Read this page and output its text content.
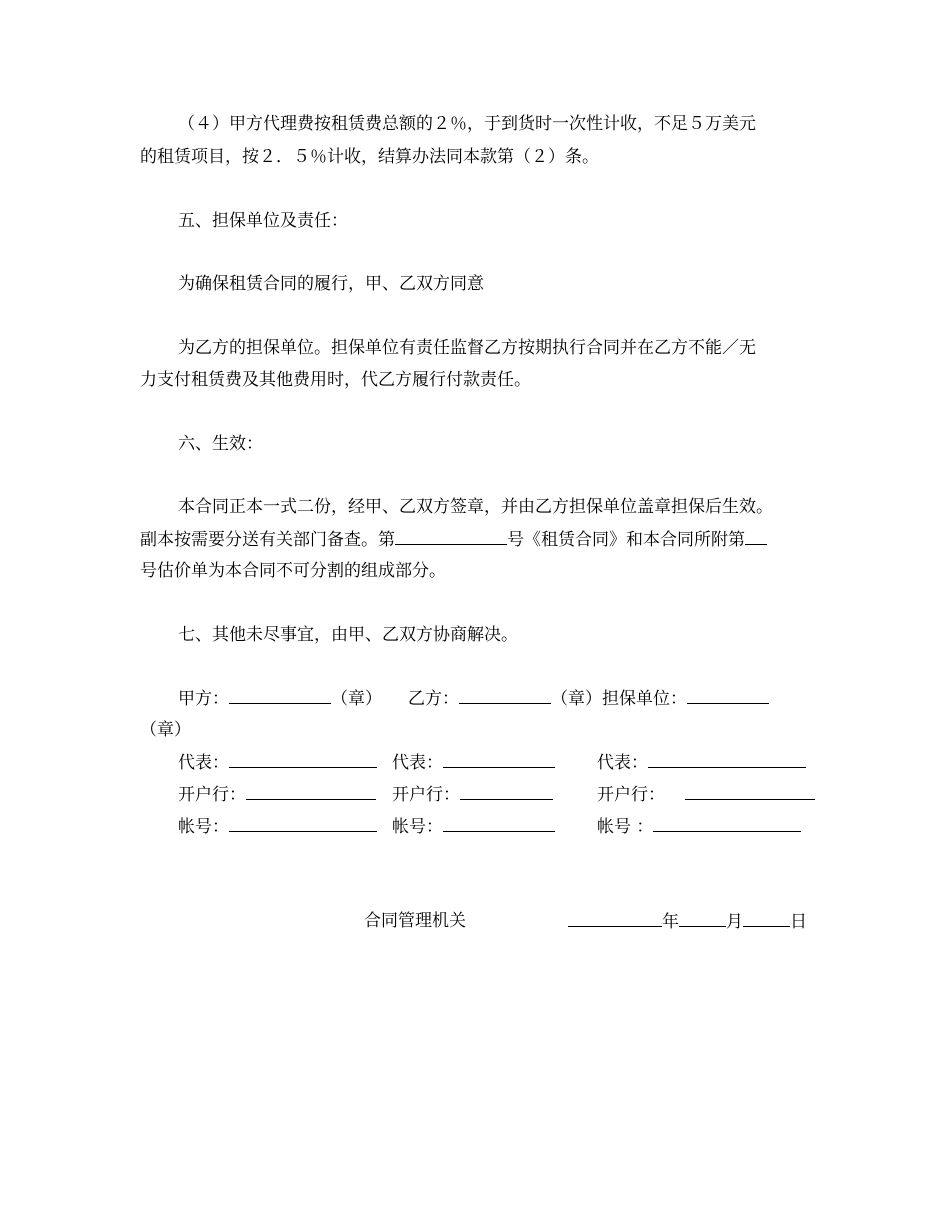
（４）甲方代理费按租赁费总额的２％，于到货时一次性计收，不足５万美元
的租赁项目，按２．５％计收，结算办法同本款第（２）条。
五、担保单位及责任：
为确保租赁合同的履行，甲、乙双方同意
为乙方的担保单位。担保单位有责任监督乙方按期执行合同并在乙方不能／无
力支付租赁费及其他费用时，代乙方履行付款责任。
六、生效：
本合同正本一式二份，经甲、乙双方签章，并由乙方担保单位盖章担保后生效。
副本按需要分送有关部门备查。第	号《租赁合同》和本合同所附第
号估价单为本合同不可分割的组成部分。
七、其他未尽事宜，由甲、乙双方协商解决。
甲方：	（章） 乙方：	（章）担保单位：
（章）
代表：	代表：	代表：
开户行：	开户行：	开户行：
帐号：	帐号：	帐号 ：
合同管理机关	年	月	日
